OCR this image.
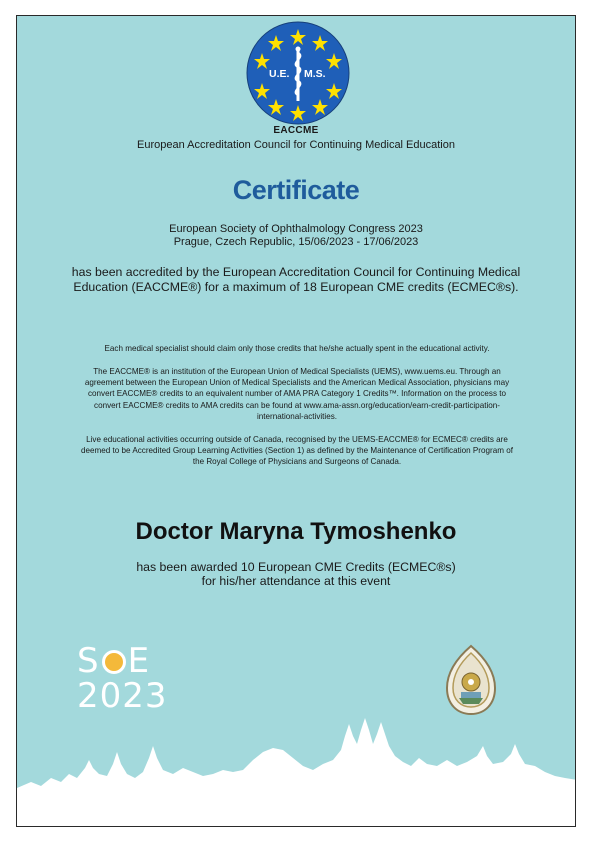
U.E. M.S.
EACCME
European Accreditation Council for Continuing Medical Education
Certificate
European Society of Ophthalmology Congress 2023
Prague, Czech Republic, 15/06/2023 - 17/06/2023
has been accredited by the European Accreditation Council for Continuing Medical
Education (EACCME®) for a maximum of 18 European CME credits (ECMEC®s).
Each medical specialist should claim only those credits that he/she actually spent in the educational activity.
The EACCME® is an institution of the European Union of Medical Specialists (UEMS), www.uems.eu. Through an
agreement between the European Union of Medical Specialists and the American Medical Association, physicians may
convert EACCME® credits to an equivalent number of AMA PRA Category 1 Credits™. Information on the process to
convert EACCME® credits to AMA credits can be found at www.ama-assn.org/education/earn-credit-participation-
international-activities.
Live educational activities occurring outside of Canada, recognised by the UEMS-EACCME® for ECMEC® credits are
deemed to be Accredited Group Learning Activities (Section 1) as defined by the Maintenance of Certification Program of
the Royal College of Physicians and Surgeons of Canada.
Doctor Maryna Tymoshenko
has been awarded 10 European CME Credits (ECMEC®s)
for his/her attendance at this event
S E
2023
